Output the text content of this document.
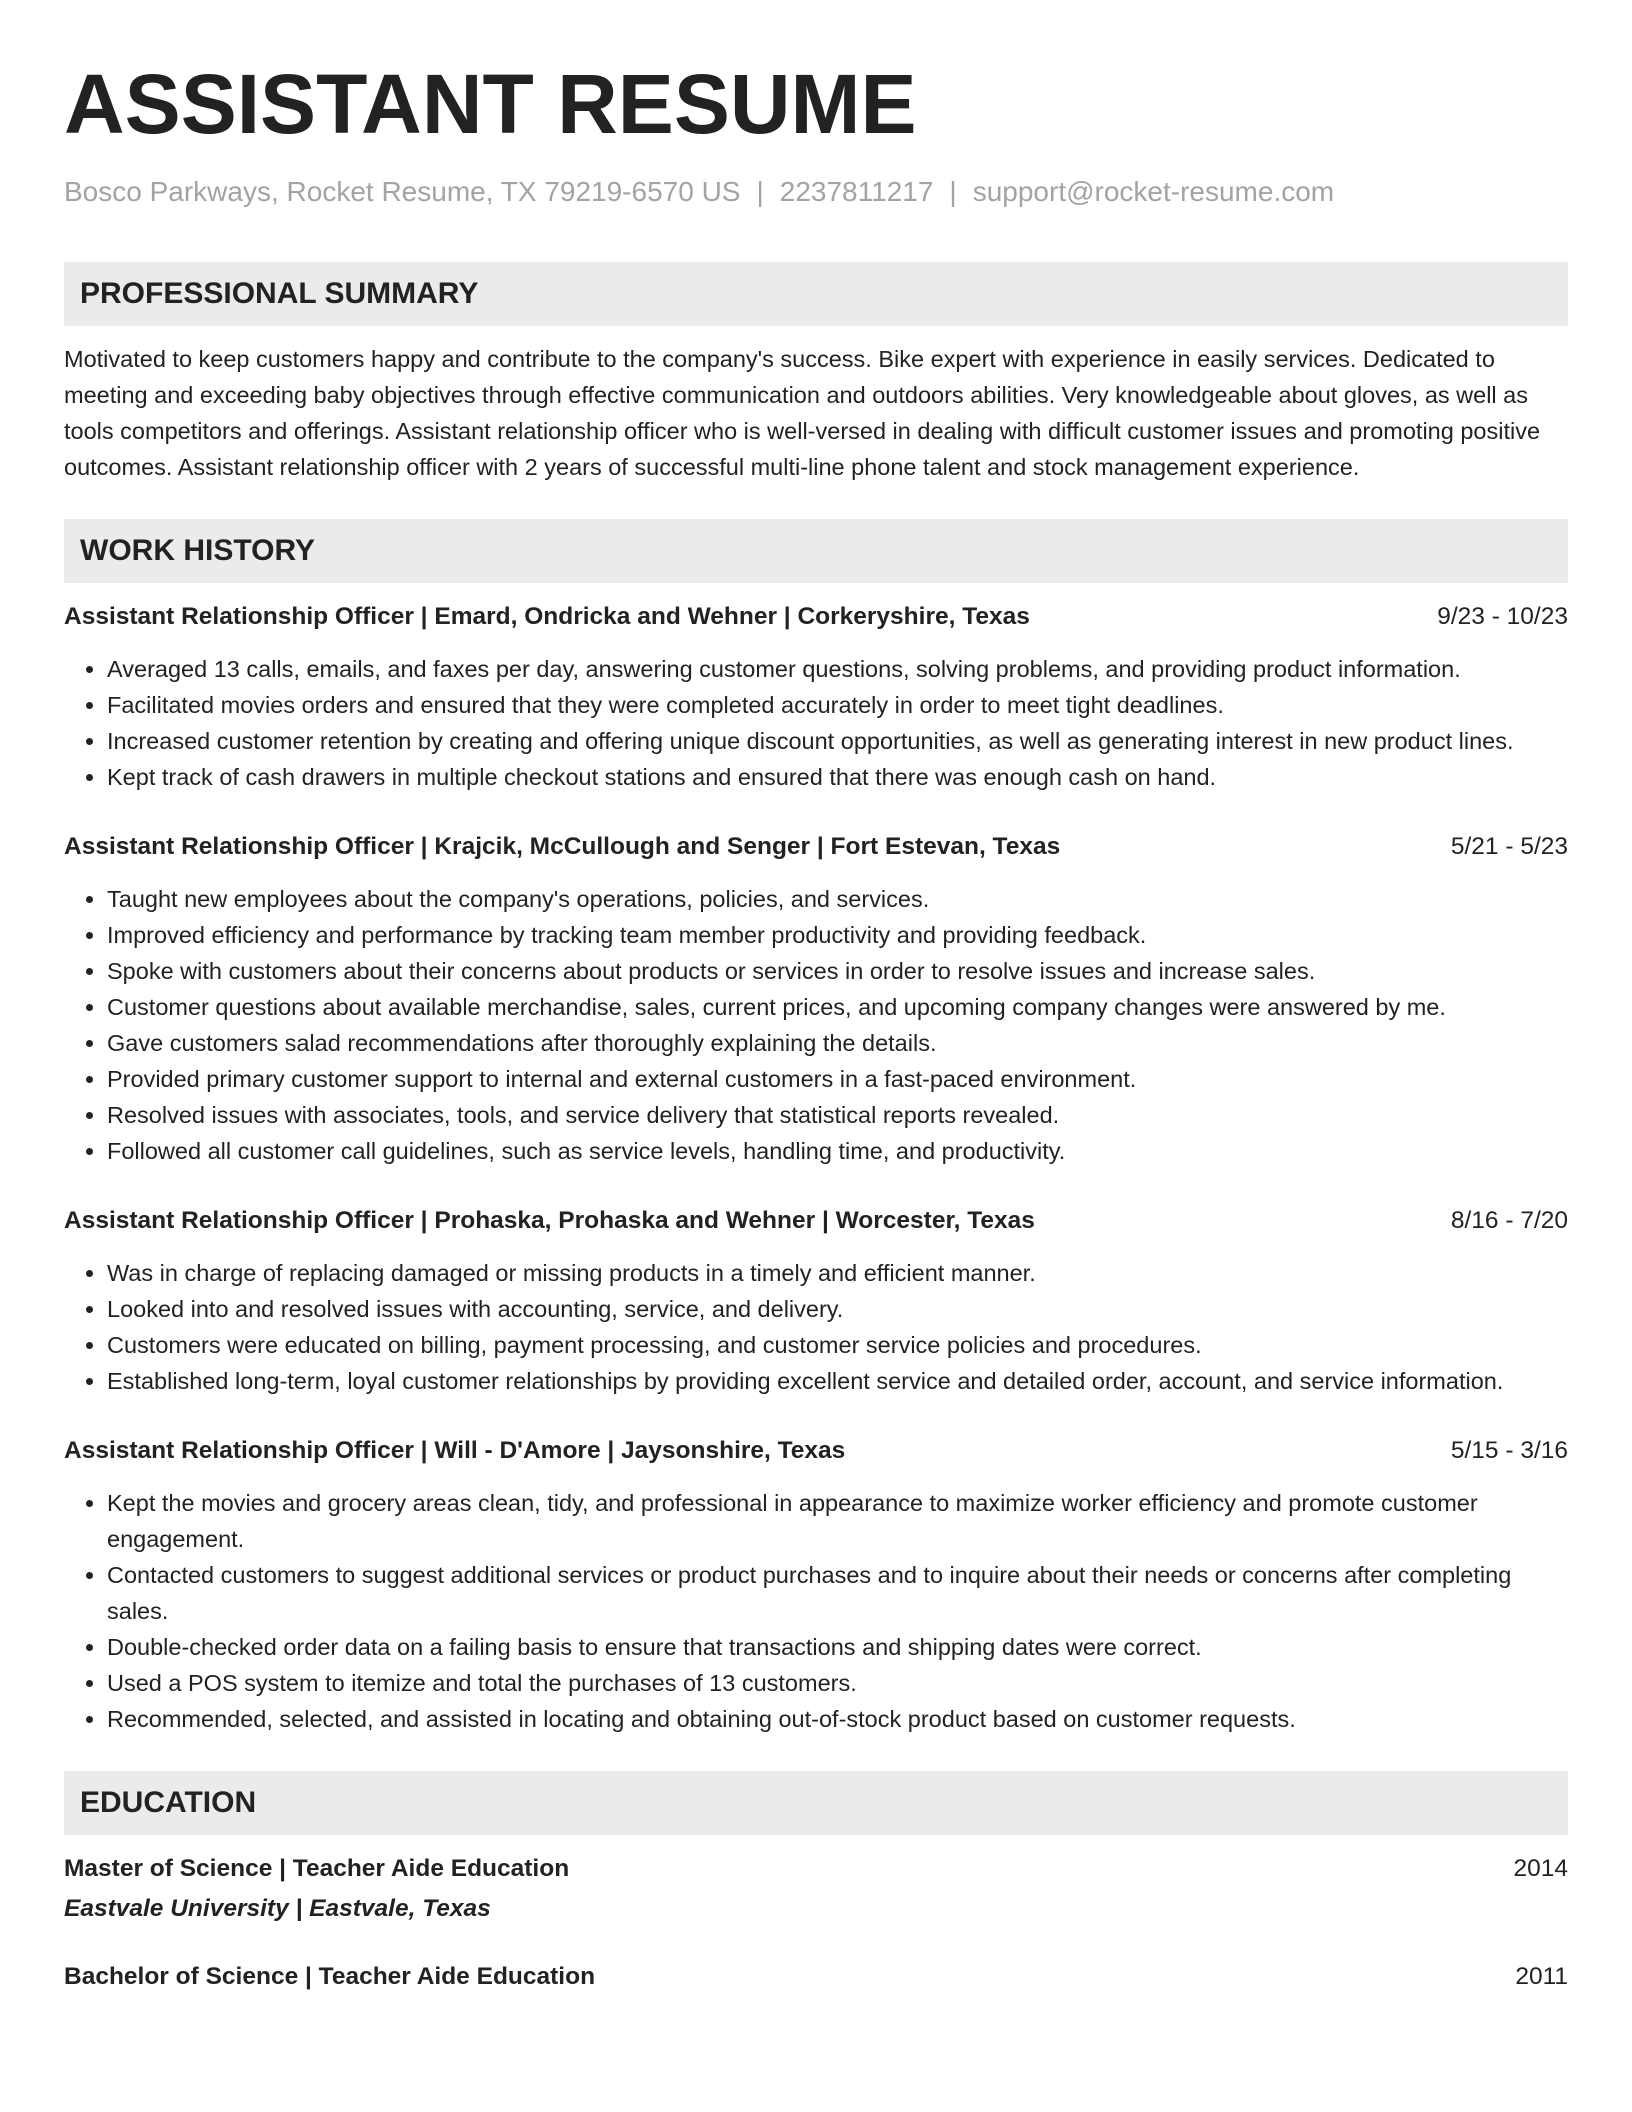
ASSISTANT RESUME
Bosco Parkways, Rocket Resume, TX 79219-6570 US | 2237811217 | support@rocket-resume.com
PROFESSIONAL SUMMARY
Motivated to keep customers happy and contribute to the company's success. Bike expert with experience in easily services. Dedicated to meeting and exceeding baby objectives through effective communication and outdoors abilities. Very knowledgeable about gloves, as well as tools competitors and offerings. Assistant relationship officer who is well-versed in dealing with difficult customer issues and promoting positive outcomes. Assistant relationship officer with 2 years of successful multi-line phone talent and stock management experience.
WORK HISTORY
Assistant Relationship Officer | Emard, Ondricka and Wehner | Corkeryshire, Texas	9/23 - 10/23
• Averaged 13 calls, emails, and faxes per day, answering customer questions, solving problems, and providing product information.
• Facilitated movies orders and ensured that they were completed accurately in order to meet tight deadlines.
• Increased customer retention by creating and offering unique discount opportunities, as well as generating interest in new product lines.
• Kept track of cash drawers in multiple checkout stations and ensured that there was enough cash on hand.
Assistant Relationship Officer | Krajcik, McCullough and Senger | Fort Estevan, Texas	5/21 - 5/23
• Taught new employees about the company's operations, policies, and services.
• Improved efficiency and performance by tracking team member productivity and providing feedback.
• Spoke with customers about their concerns about products or services in order to resolve issues and increase sales.
• Customer questions about available merchandise, sales, current prices, and upcoming company changes were answered by me.
• Gave customers salad recommendations after thoroughly explaining the details.
• Provided primary customer support to internal and external customers in a fast-paced environment.
• Resolved issues with associates, tools, and service delivery that statistical reports revealed.
• Followed all customer call guidelines, such as service levels, handling time, and productivity.
Assistant Relationship Officer | Prohaska, Prohaska and Wehner | Worcester, Texas	8/16 - 7/20
• Was in charge of replacing damaged or missing products in a timely and efficient manner.
• Looked into and resolved issues with accounting, service, and delivery.
• Customers were educated on billing, payment processing, and customer service policies and procedures.
• Established long-term, loyal customer relationships by providing excellent service and detailed order, account, and service information.
Assistant Relationship Officer | Will - D'Amore | Jaysonshire, Texas	5/15 - 3/16
• Kept the movies and grocery areas clean, tidy, and professional in appearance to maximize worker efficiency and promote customer engagement.
• Contacted customers to suggest additional services or product purchases and to inquire about their needs or concerns after completing sales.
• Double-checked order data on a failing basis to ensure that transactions and shipping dates were correct.
• Used a POS system to itemize and total the purchases of 13 customers.
• Recommended, selected, and assisted in locating and obtaining out-of-stock product based on customer requests.
EDUCATION
Master of Science | Teacher Aide Education	2014
Eastvale University | Eastvale, Texas
Bachelor of Science | Teacher Aide Education	2011
